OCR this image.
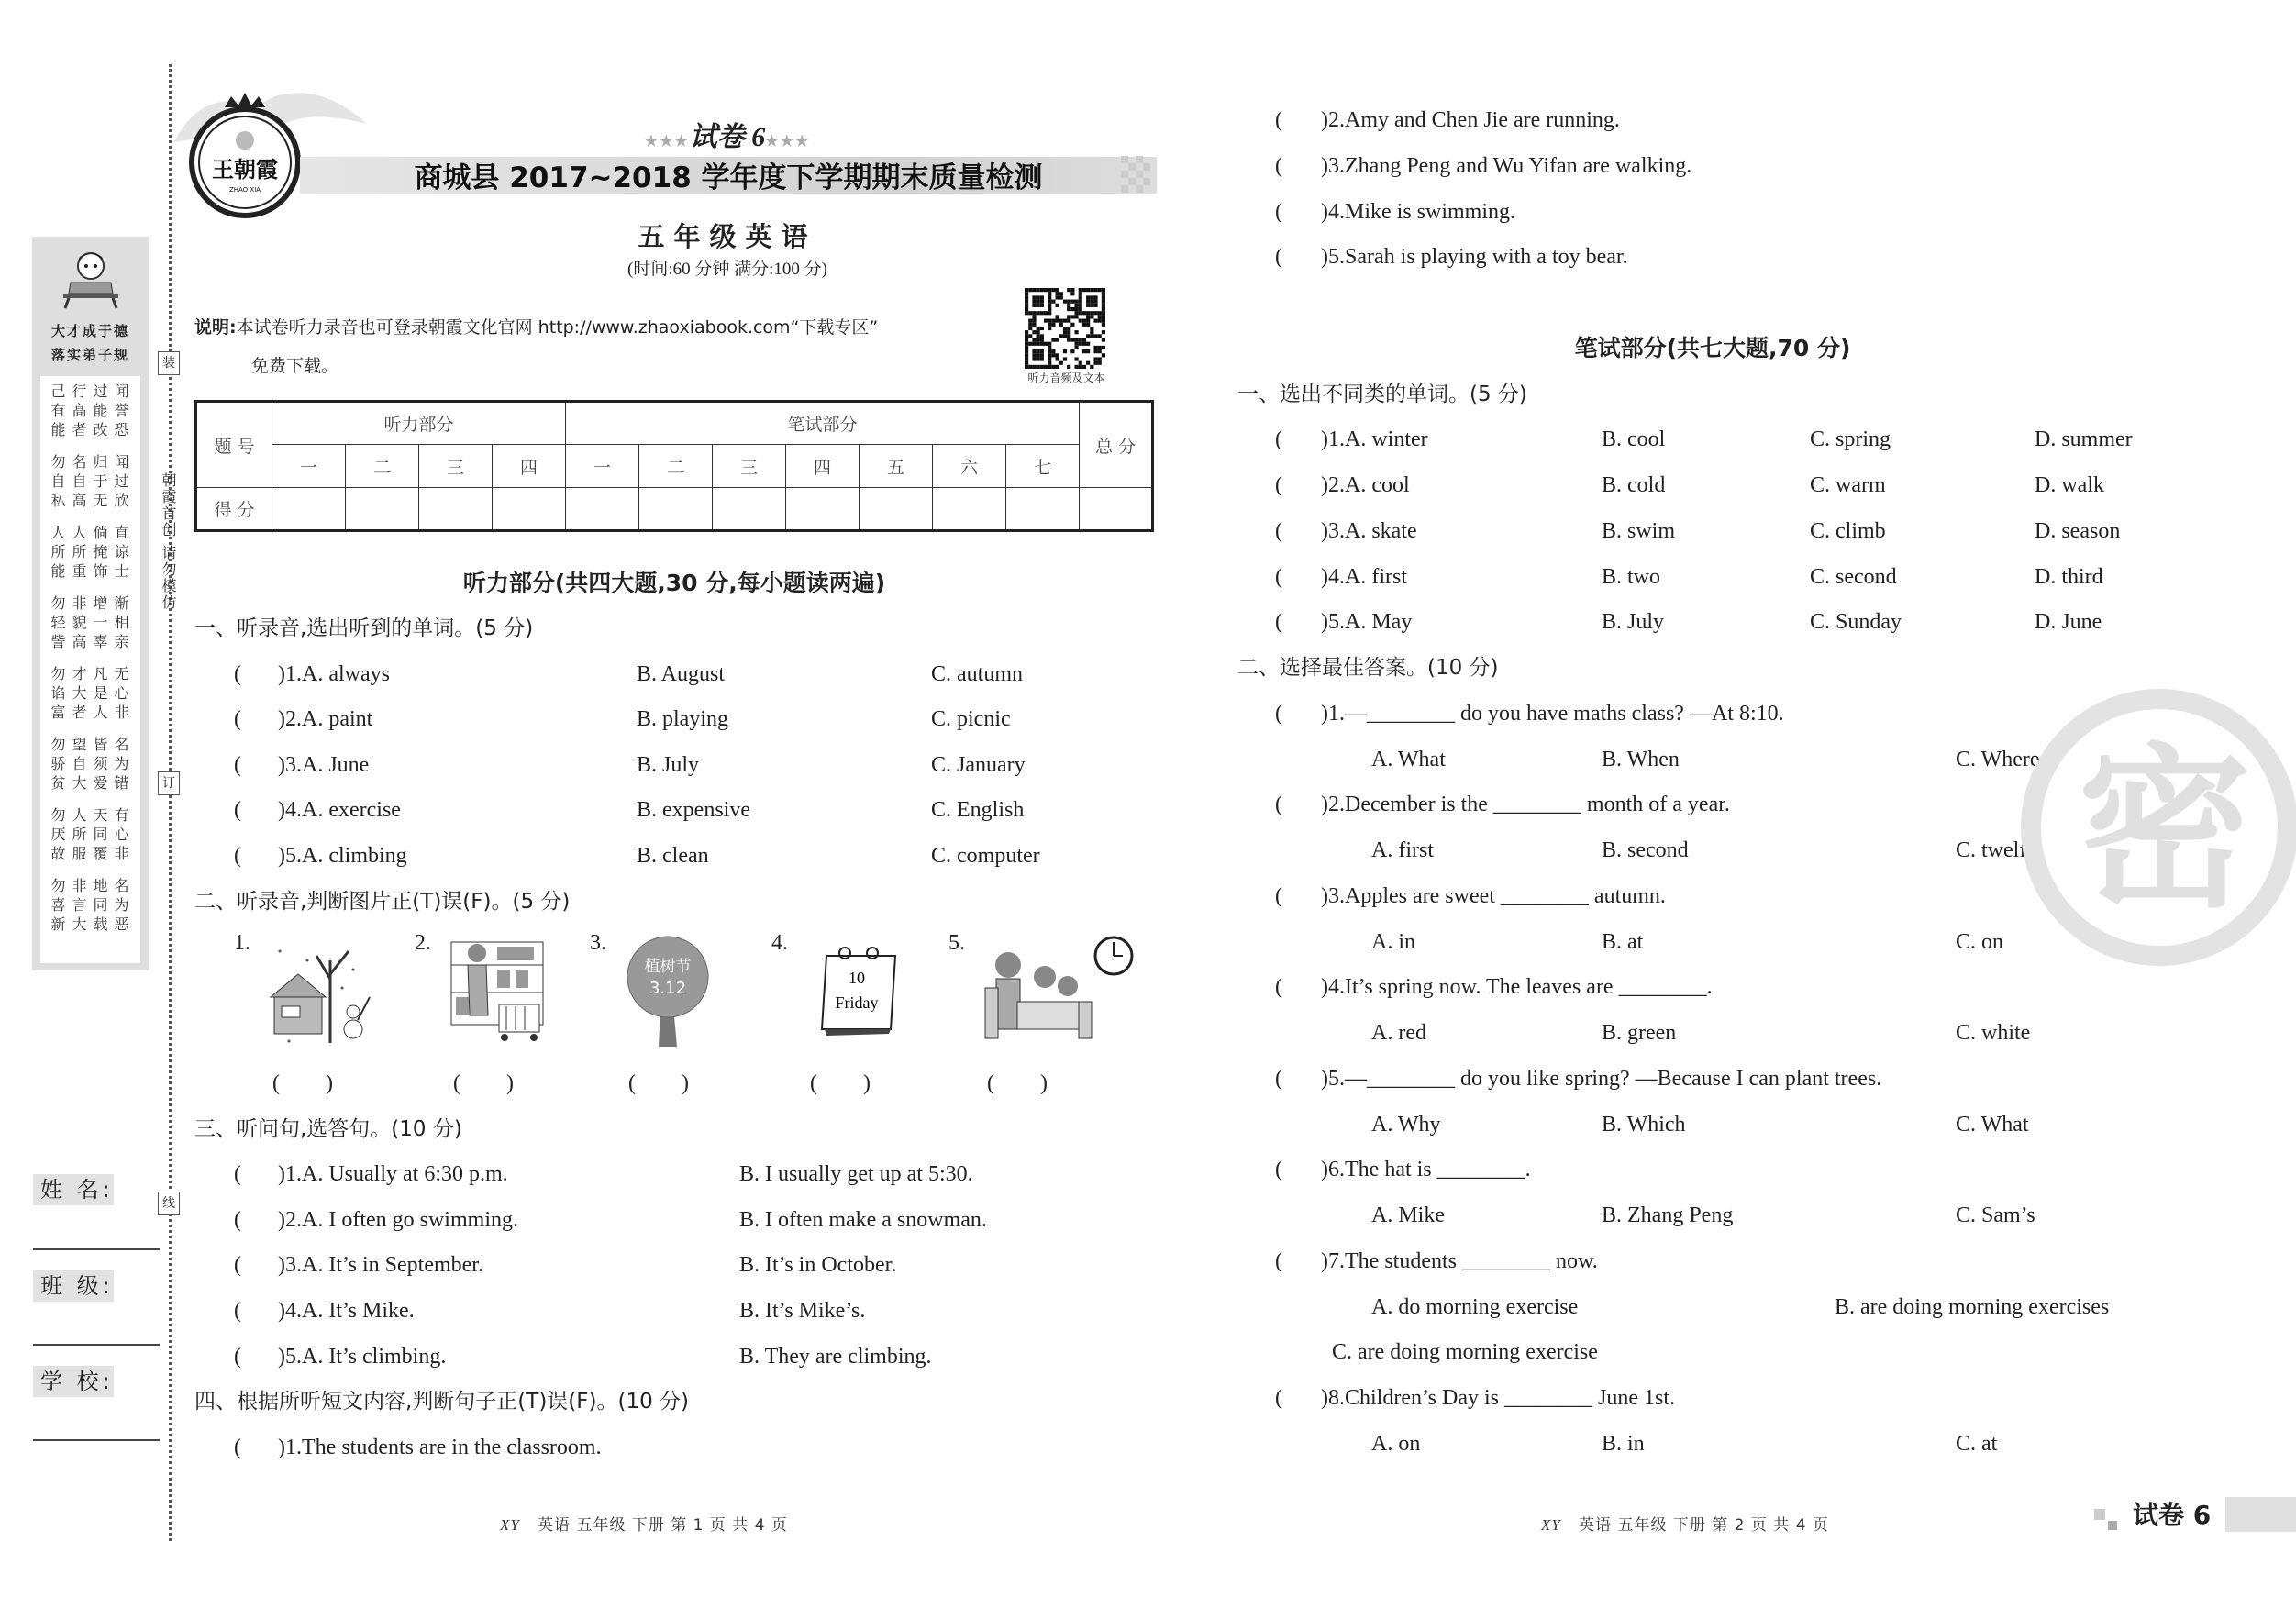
大才成于德
落实弟子规
己行过闻
有高能誉
能者改恐
勿名归闻
自自于过
私高无欣
人人倘直
所所掩谅
能重饰士
勿非增渐
轻貌一相
訾高辜亲
勿才凡无
谄大是心
富者人非
勿望皆名
骄自须为
贫大爱错
勿人天有
厌所同心
故服覆非
勿非地名
喜言同为
新大载恶
装
订
线
朝霞首创 请勿模仿
姓 名:
班 级:
学 校:
王朝霞
ZHAO XIA
★★★试卷 6★★★
商城县 2017~2018 学年度下学期期末质量检测
五年级英语
(时间:60 分钟 满分:100 分)
说明:本试卷听力录音也可登录朝霞文化官网 http://www.zhaoxiabook.com“下载专区”
免费下载。
听力音频及文本
题 号	听力部分				笔试部分							总 分
	一	二	三	四	一	二	三	四	五	六	七	
得 分												
听力部分(共四大题,30 分,每小题读两遍)
一、听录音,选出听到的单词。(5 分)
( )1.A. always	B. August	C. autumn
( )2.A. paint	B. playing	C. picnic
( )3.A. June	B. July	C. January
( )4.A. exercise	B. expensive	C. English
( )5.A. climbing	B. clean	C. computer
二、听录音,判断图片正(T)误(F)。(5 分)
1.
( )
2.
( )
3.
植树节
3.12
( )
4.
10
Friday
( )
5.
( )
三、听问句,选答句。(10 分)
( )1.A. Usually at 6:30 p.m.	B. I usually get up at 5:30.
( )2.A. I often go swimming.	B. I often make a snowman.
( )3.A. It’s in September.	B. It’s in October.
( )4.A. It’s Mike.	B. It’s Mike’s.
( )5.A. It’s climbing.	B. They are climbing.
四、根据所听短文内容,判断句子正(T)误(F)。(10 分)
( )1.The students are in the classroom.
( )2.Amy and Chen Jie are running.
( )3.Zhang Peng and Wu Yifan are walking.
( )4.Mike is swimming.
( )5.Sarah is playing with a toy bear.
笔试部分(共七大题,70 分)
一、选出不同类的单词。(5 分)
( )1.A. winter	B. cool	C. spring	D. summer
( )2.A. cool	B. cold	C. warm	D. walk
( )3.A. skate	B. swim	C. climb	D. season
( )4.A. first	B. two	C. second	D. third
( )5.A. May	B. July	C. Sunday	D. June
二、选择最佳答案。(10 分)
( )1.—________ do you have maths class? —At 8:10.
A. What	B. When	C. Where
( )2.December is the ________ month of a year.
A. first	B. second	C. twelfth
( )3.Apples are sweet ________ autumn.
A. in	B. at	C. on
( )4.It’s spring now. The leaves are ________.
A. red	B. green	C. white
( )5.—________ do you like spring? —Because I can plant trees.
A. Why	B. Which	C. What
( )6.The hat is ________.
A. Mike	B. Zhang Peng	C. Sam’s
( )7.The students ________ now.
A. do morning exercise	B. are doing morning exercises
C. are doing morning exercise
( )8.Children’s Day is ________ June 1st.
A. on	B. in	C. at
密
XY 英语 五年级 下册 第 1 页 共 4 页	XY 英语 五年级 下册 第 2 页 共 4 页	试卷 6
